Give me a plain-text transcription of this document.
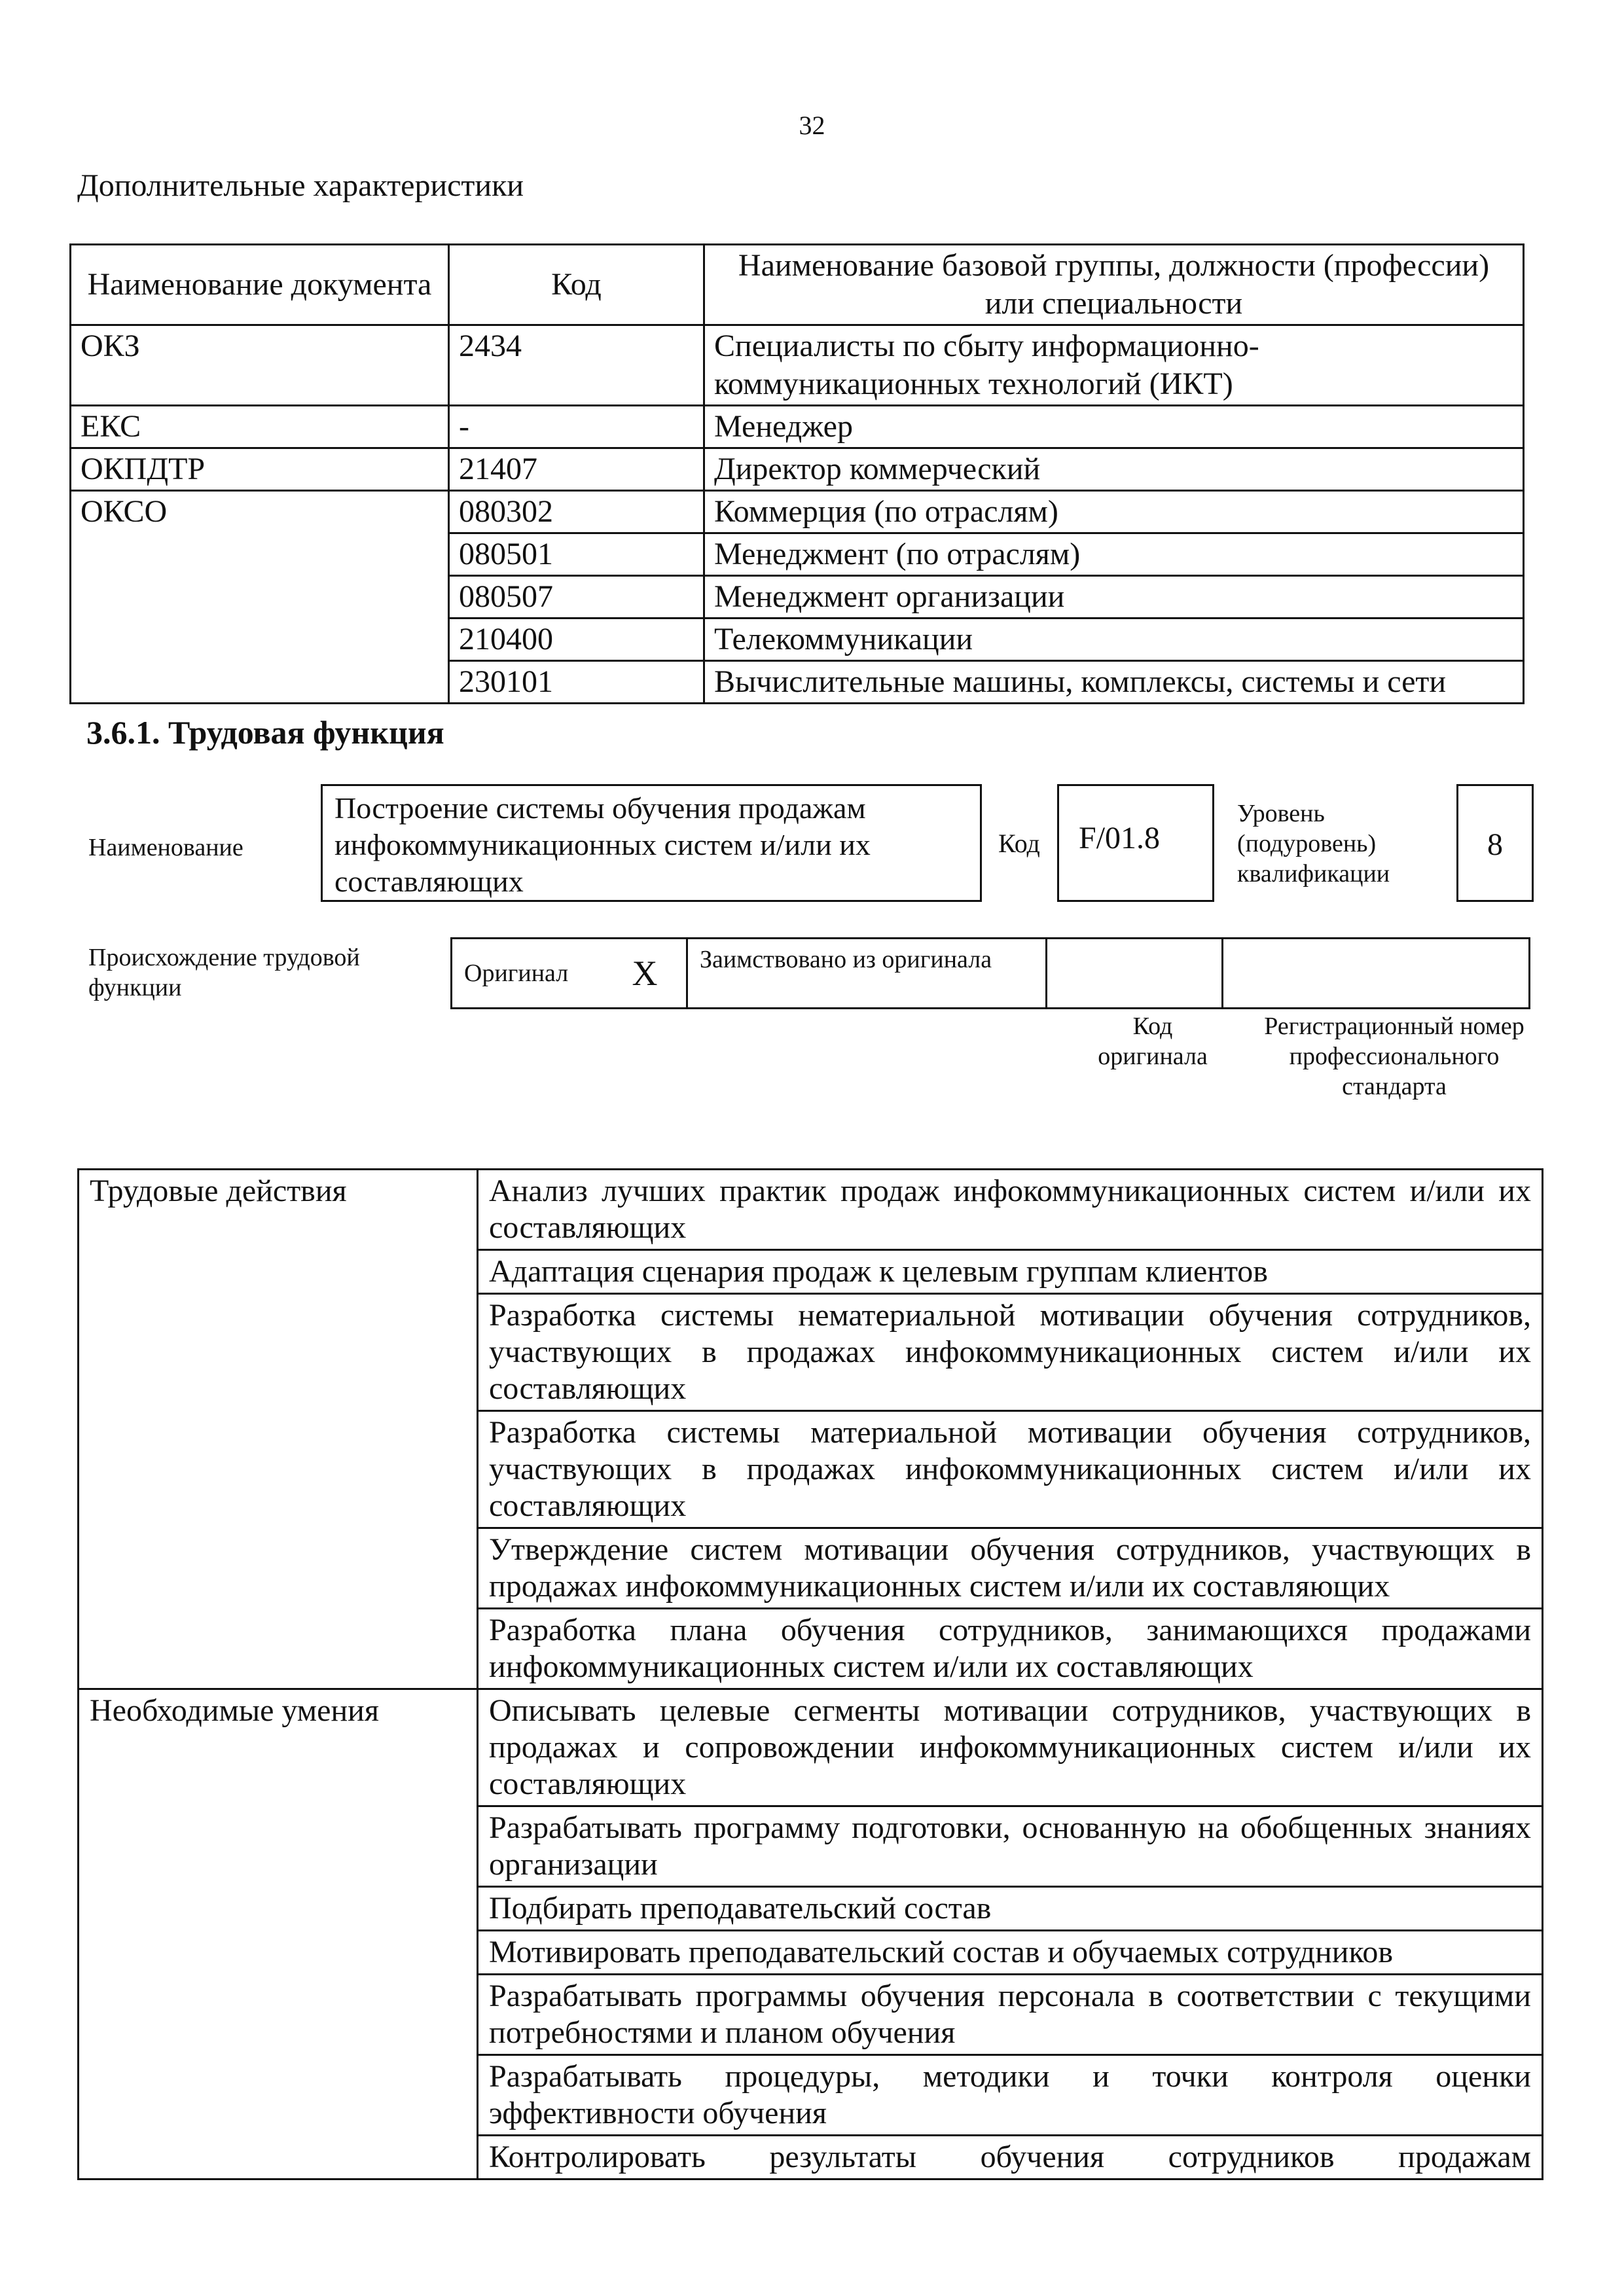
32
Дополнительные характеристики
Наименование документа	Код	Наименование базовой группы, должности (профессии) или специальности
ОКЗ	2434	Специалисты по сбыту информационно-коммуникационных технологий (ИКТ)
ЕКС	-	Менеджер
ОКПДТР	21407	Директор коммерческий
ОКСО	080302	Коммерция (по отраслям)
	080501	Менеджмент (по отраслям)
	080507	Менеджмент организации
	210400	Телекоммуникации
	230101	Вычислительные машины, комплексы, системы и сети
3.6.1. Трудовая функция
Наименование
Построение системы обучения продажам инфокоммуникационных систем и/или их составляющих
Код	F/01.8
Уровень (подуровень) квалификации
8
Происхождение трудовой функции
Оригинал	X	Заимствовано из оригинала		
Код оригинала
Регистрационный номер профессионального стандарта
Трудовые действия	Анализ лучших практик продаж инфокоммуникационных систем и/или их составляющих
	Адаптация сценария продаж к целевым группам клиентов
	Разработка системы нематериальной мотивации обучения сотрудников, участвующих в продажах инфокоммуникационных систем и/или их составляющих
	Разработка системы материальной мотивации обучения сотрудников, участвующих в продажах инфокоммуникационных систем и/или их составляющих
	Утверждение систем мотивации обучения сотрудников, участвующих в продажах инфокоммуникационных систем и/или их составляющих
	Разработка плана обучения сотрудников, занимающихся продажами инфокоммуникационных систем и/или их составляющих
Необходимые умения	Описывать целевые сегменты мотивации сотрудников, участвующих в продажах и сопровождении инфокоммуникационных систем и/или их составляющих
	Разрабатывать программу подготовки, основанную на обобщенных знаниях организации
	Подбирать преподавательский состав
	Мотивировать преподавательский состав и обучаемых сотрудников
	Разрабатывать программы обучения персонала в соответствии с текущими потребностями и планом обучения
	Разрабатывать процедуры, методики и точки контроля оценки эффективности обучения
	Контролировать результаты обучения сотрудников продажам
